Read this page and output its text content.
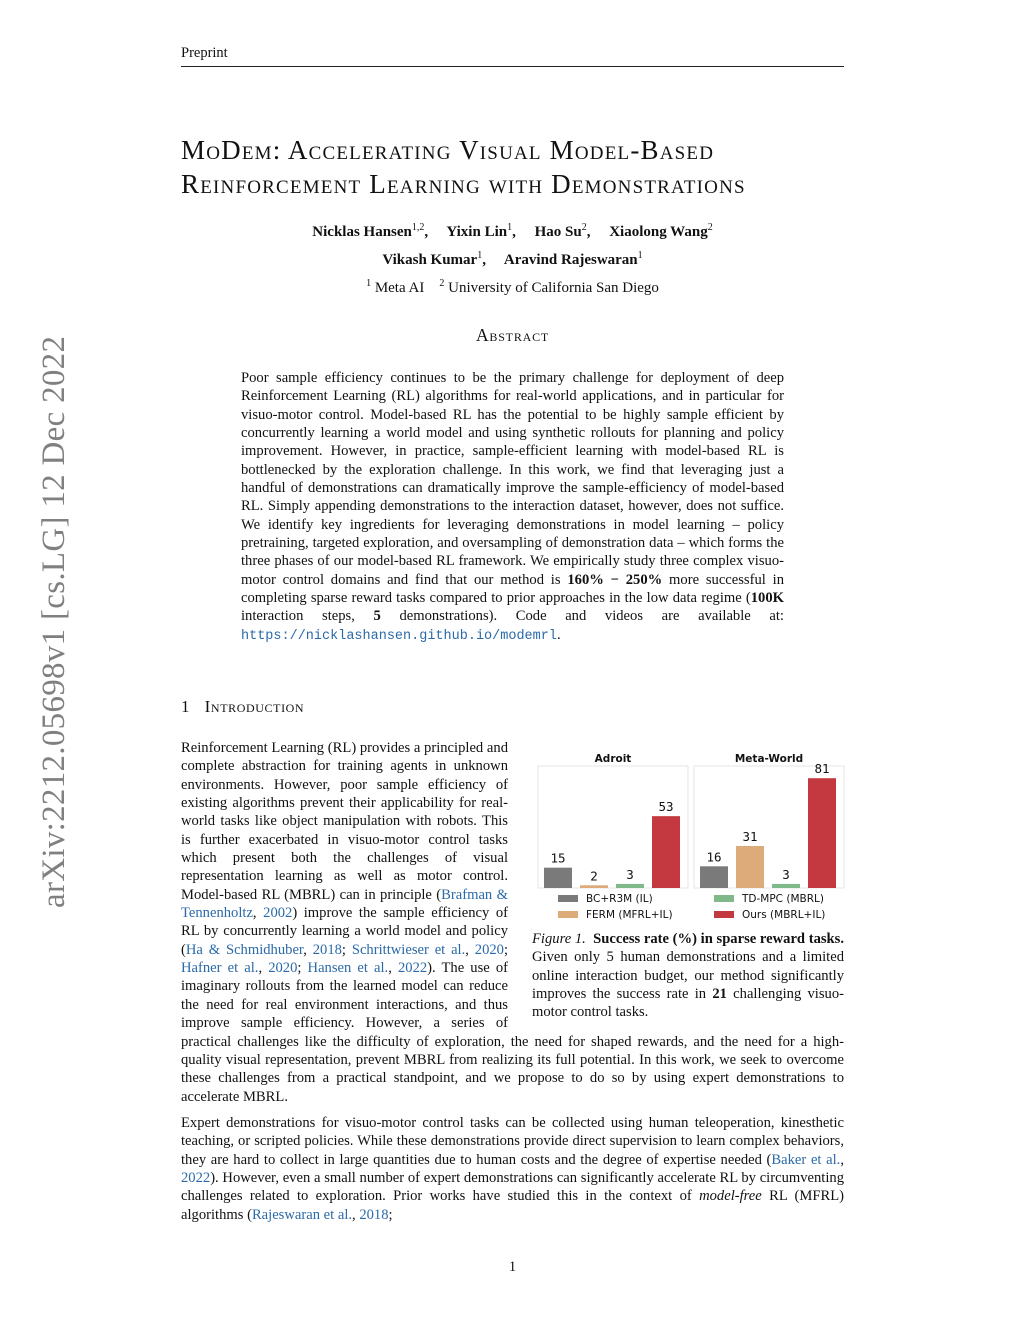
Preprint
arXiv:2212.05698v1 [cs.LG] 12 Dec 2022
MoDem: Accelerating Visual Model-Based
Reinforcement Learning with Demonstrations
Nicklas Hansen$^{1,2}$,     Yixin Lin$^1$,     Hao Su$^2$,     Xiaolong Wang$^2$
Vikash Kumar$^1$,     Aravind Rajeswaran$^1$
$^1$ Meta AI $^2$ University of California San Diego
Abstract
Poor sample efficiency continues to be the primary challenge for deployment of deep Reinforcement Learning (RL) algorithms for real-world applications, and in particular for visuo-motor control. Model-based RL has the potential to be highly sample efficient by concurrently learning a world model and using synthetic rollouts for planning and policy improvement. However, in practice, sample-efficient learning with model-based RL is bottlenecked by the exploration challenge. In this work, we find that leveraging just a handful of demonstrations can dramatically improve the sample-efficiency of model-based RL. Simply appending demonstrations to the interaction dataset, however, does not suffice. We identify key ingredients for leveraging demonstrations in model learning – policy pretraining, targeted exploration, and oversampling of demonstration data – which forms the three phases of our model-based RL framework. We empirically study three complex visuo-motor control domains and find that our method is 160% − 250% more successful in completing sparse reward tasks compared to prior approaches in the low data regime (100K interaction steps, 5 demonstrations). Code and videos are available at: https://nicklashansen.github.io/modemrl.
1 Introduction
Reinforcement Learning (RL) provides a principled and complete abstraction for training agents in unknown environments. However, poor sample efficiency of existing algorithms prevent their applicability for real-world tasks like object manipulation with robots. This is further exacerbated in visuo-motor control tasks which present both the challenges of visual representation learning as well as motor control. Model-based RL (MBRL) can in principle (Brafman & Tennenholtz, 2002) improve the sample efficiency of RL by concurrently learning a world model and policy (Ha & Schmidhuber, 2018; Schrittwieser et al., 2020; Hafner et al., 2020; Hansen et al., 2022). The use of imaginary rollouts from the learned model can reduce the need for real environment interactions, and thus improve sample efficiency. However, a series of practical challenges like the difficulty of exploration, the need for shaped rewards, and the need for a high-quality visual representation, prevent MBRL from realizing its full potential. In this work, we seek to overcome these challenges from a practical standpoint, and we propose to do so by using expert demonstrations to accelerate MBRL.
Expert demonstrations for visuo-motor control tasks can be collected using human teleoperation, kinesthetic teaching, or scripted policies. While these demonstrations provide direct supervision to learn complex behaviors, they are hard to collect in large quantities due to human costs and the degree of expertise needed (Baker et al., 2022). However, even a small number of expert demonstrations can significantly accelerate RL by circumventing challenges related to exploration. Prior works have studied this in the context of model-free RL (MFRL) algorithms (Rajeswaran et al., 2018;
Adroit
15
2 3
53
Meta-World
16
31
3
81
BC+R3M (IL)	TD-MPC (MBRL)
FERM (MFRL+IL)	Ours (MBRL+IL)
Figure 1. Success rate (%) in sparse reward tasks. Given only 5 human demonstrations and a limited online interaction budget, our method significantly improves the success rate in 21 challenging visuo-motor control tasks.
1
